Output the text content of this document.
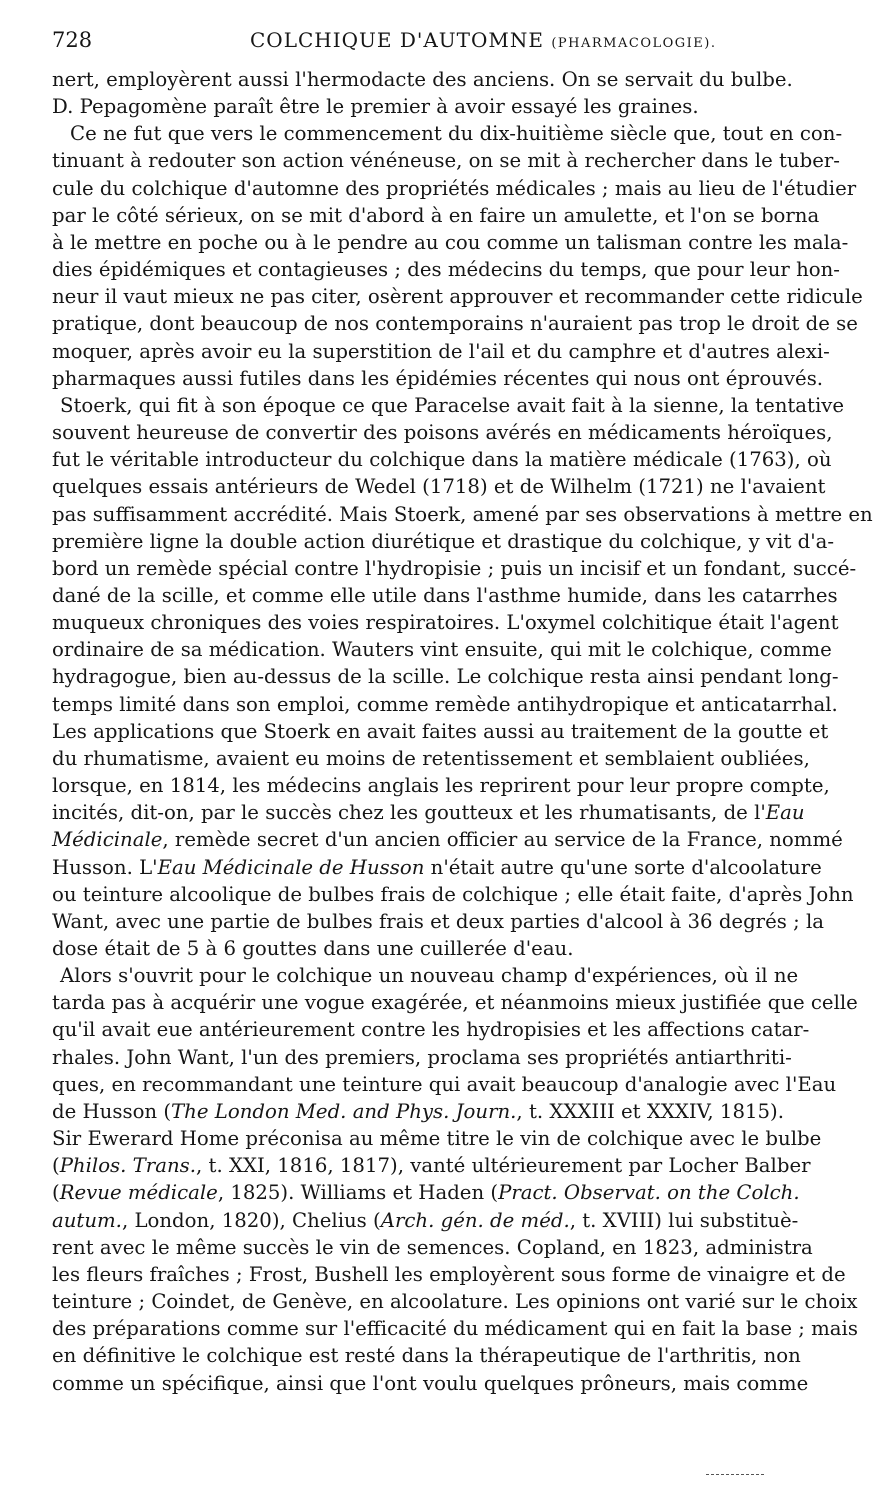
728	COLCHIQUE D'AUTOMNE (PHARMACOLOGIE).
nert, employèrent aussi l'hermodacte des anciens. On se servait du bulbe.
D. Pepagomène paraît être le premier à avoir essayé les graines.
Ce ne fut que vers le commencement du dix-huitième siècle que, tout en con-
tinuant à redouter son action vénéneuse, on se mit à rechercher dans le tuber-
cule du colchique d'automne des propriétés médicales ; mais au lieu de l'étudier
par le côté sérieux, on se mit d'abord à en faire un amulette, et l'on se borna
à le mettre en poche ou à le pendre au cou comme un talisman contre les mala-
dies épidémiques et contagieuses ; des médecins du temps, que pour leur hon-
neur il vaut mieux ne pas citer, osèrent approuver et recommander cette ridicule
pratique, dont beaucoup de nos contemporains n'auraient pas trop le droit de se
moquer, après avoir eu la superstition de l'ail et du camphre et d'autres alexi-
pharmaques aussi futiles dans les épidémies récentes qui nous ont éprouvés.
Stoerk, qui fit à son époque ce que Paracelse avait fait à la sienne, la tentative
souvent heureuse de convertir des poisons avérés en médicaments héroïques,
fut le véritable introducteur du colchique dans la matière médicale (1763), où
quelques essais antérieurs de Wedel (1718) et de Wilhelm (1721) ne l'avaient
pas suffisamment accrédité. Mais Stoerk, amené par ses observations à mettre en
première ligne la double action diurétique et drastique du colchique, y vit d'a-
bord un remède spécial contre l'hydropisie ; puis un incisif et un fondant, succé-
dané de la scille, et comme elle utile dans l'asthme humide, dans les catarrhes
muqueux chroniques des voies respiratoires. L'oxymel colchitique était l'agent
ordinaire de sa médication. Wauters vint ensuite, qui mit le colchique, comme
hydragogue, bien au-dessus de la scille. Le colchique resta ainsi pendant long-
temps limité dans son emploi, comme remède antihydropique et anticatarrhal.
Les applications que Stoerk en avait faites aussi au traitement de la goutte et
du rhumatisme, avaient eu moins de retentissement et semblaient oubliées,
lorsque, en 1814, les médecins anglais les reprirent pour leur propre compte,
incités, dit-on, par le succès chez les goutteux et les rhumatisants, de l'Eau
Médicinale, remède secret d'un ancien officier au service de la France, nommé
Husson. L'Eau Médicinale de Husson n'était autre qu'une sorte d'alcoolature
ou teinture alcoolique de bulbes frais de colchique ; elle était faite, d'après John
Want, avec une partie de bulbes frais et deux parties d'alcool à 36 degrés ; la
dose était de 5 à 6 gouttes dans une cuillerée d'eau.
Alors s'ouvrit pour le colchique un nouveau champ d'expériences, où il ne
tarda pas à acquérir une vogue exagérée, et néanmoins mieux justifiée que celle
qu'il avait eue antérieurement contre les hydropisies et les affections catar-
rhales. John Want, l'un des premiers, proclama ses propriétés antiarthriti-
ques, en recommandant une teinture qui avait beaucoup d'analogie avec l'Eau
de Husson (The London Med. and Phys. Journ., t. XXXIII et XXXIV, 1815).
Sir Ewerard Home préconisa au même titre le vin de colchique avec le bulbe
(Philos. Trans., t. XXI, 1816, 1817), vanté ultérieurement par Locher Balber
(Revue médicale, 1825). Williams et Haden (Pract. Observat. on the Colch.
autum., London, 1820), Chelius (Arch. gén. de méd., t. XVIII) lui substituè-
rent avec le même succès le vin de semences. Copland, en 1823, administra
les fleurs fraîches ; Frost, Bushell les employèrent sous forme de vinaigre et de
teinture ; Coindet, de Genève, en alcoolature. Les opinions ont varié sur le choix
des préparations comme sur l'efficacité du médicament qui en fait la base ; mais
en définitive le colchique est resté dans la thérapeutique de l'arthritis, non
comme un spécifique, ainsi que l'ont voulu quelques prôneurs, mais comme
